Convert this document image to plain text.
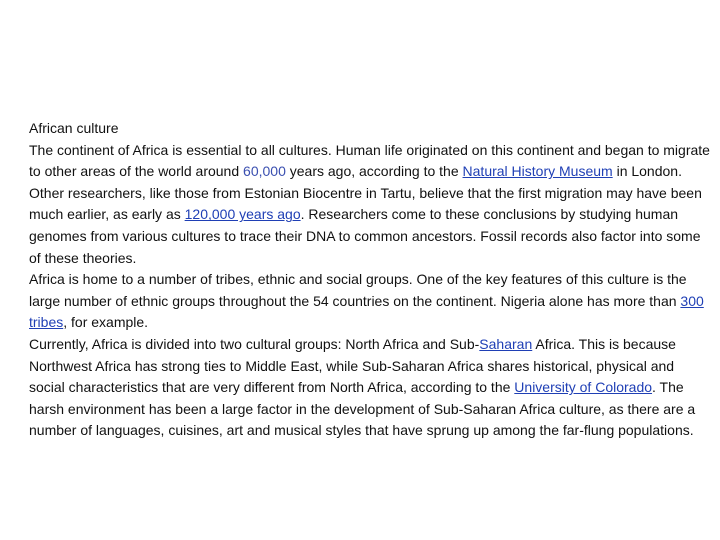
African culture

The continent of Africa is essential to all cultures. Human life originated on this continent and began to migrate to other areas of the world around 60,000 years ago, according to the Natural History Museum in London. Other researchers, like those from Estonian Biocentre in Tartu, believe that the first migration may have been much earlier, as early as 120,000 years ago. Researchers come to these conclusions by studying human genomes from various cultures to trace their DNA to common ancestors. Fossil records also factor into some of these theories.

Africa is home to a number of tribes, ethnic and social groups. One of the key features of this culture is the large number of ethnic groups throughout the 54 countries on the continent. Nigeria alone has more than 300 tribes, for example.

Currently, Africa is divided into two cultural groups: North Africa and Sub-Saharan Africa. This is because Northwest Africa has strong ties to Middle East, while Sub-Saharan Africa shares historical, physical and social characteristics that are very different from North Africa, according to the University of Colorado. The harsh environment has been a large factor in the development of Sub-Saharan Africa culture, as there are a number of languages, cuisines, art and musical styles that have sprung up among the far-flung populations.
